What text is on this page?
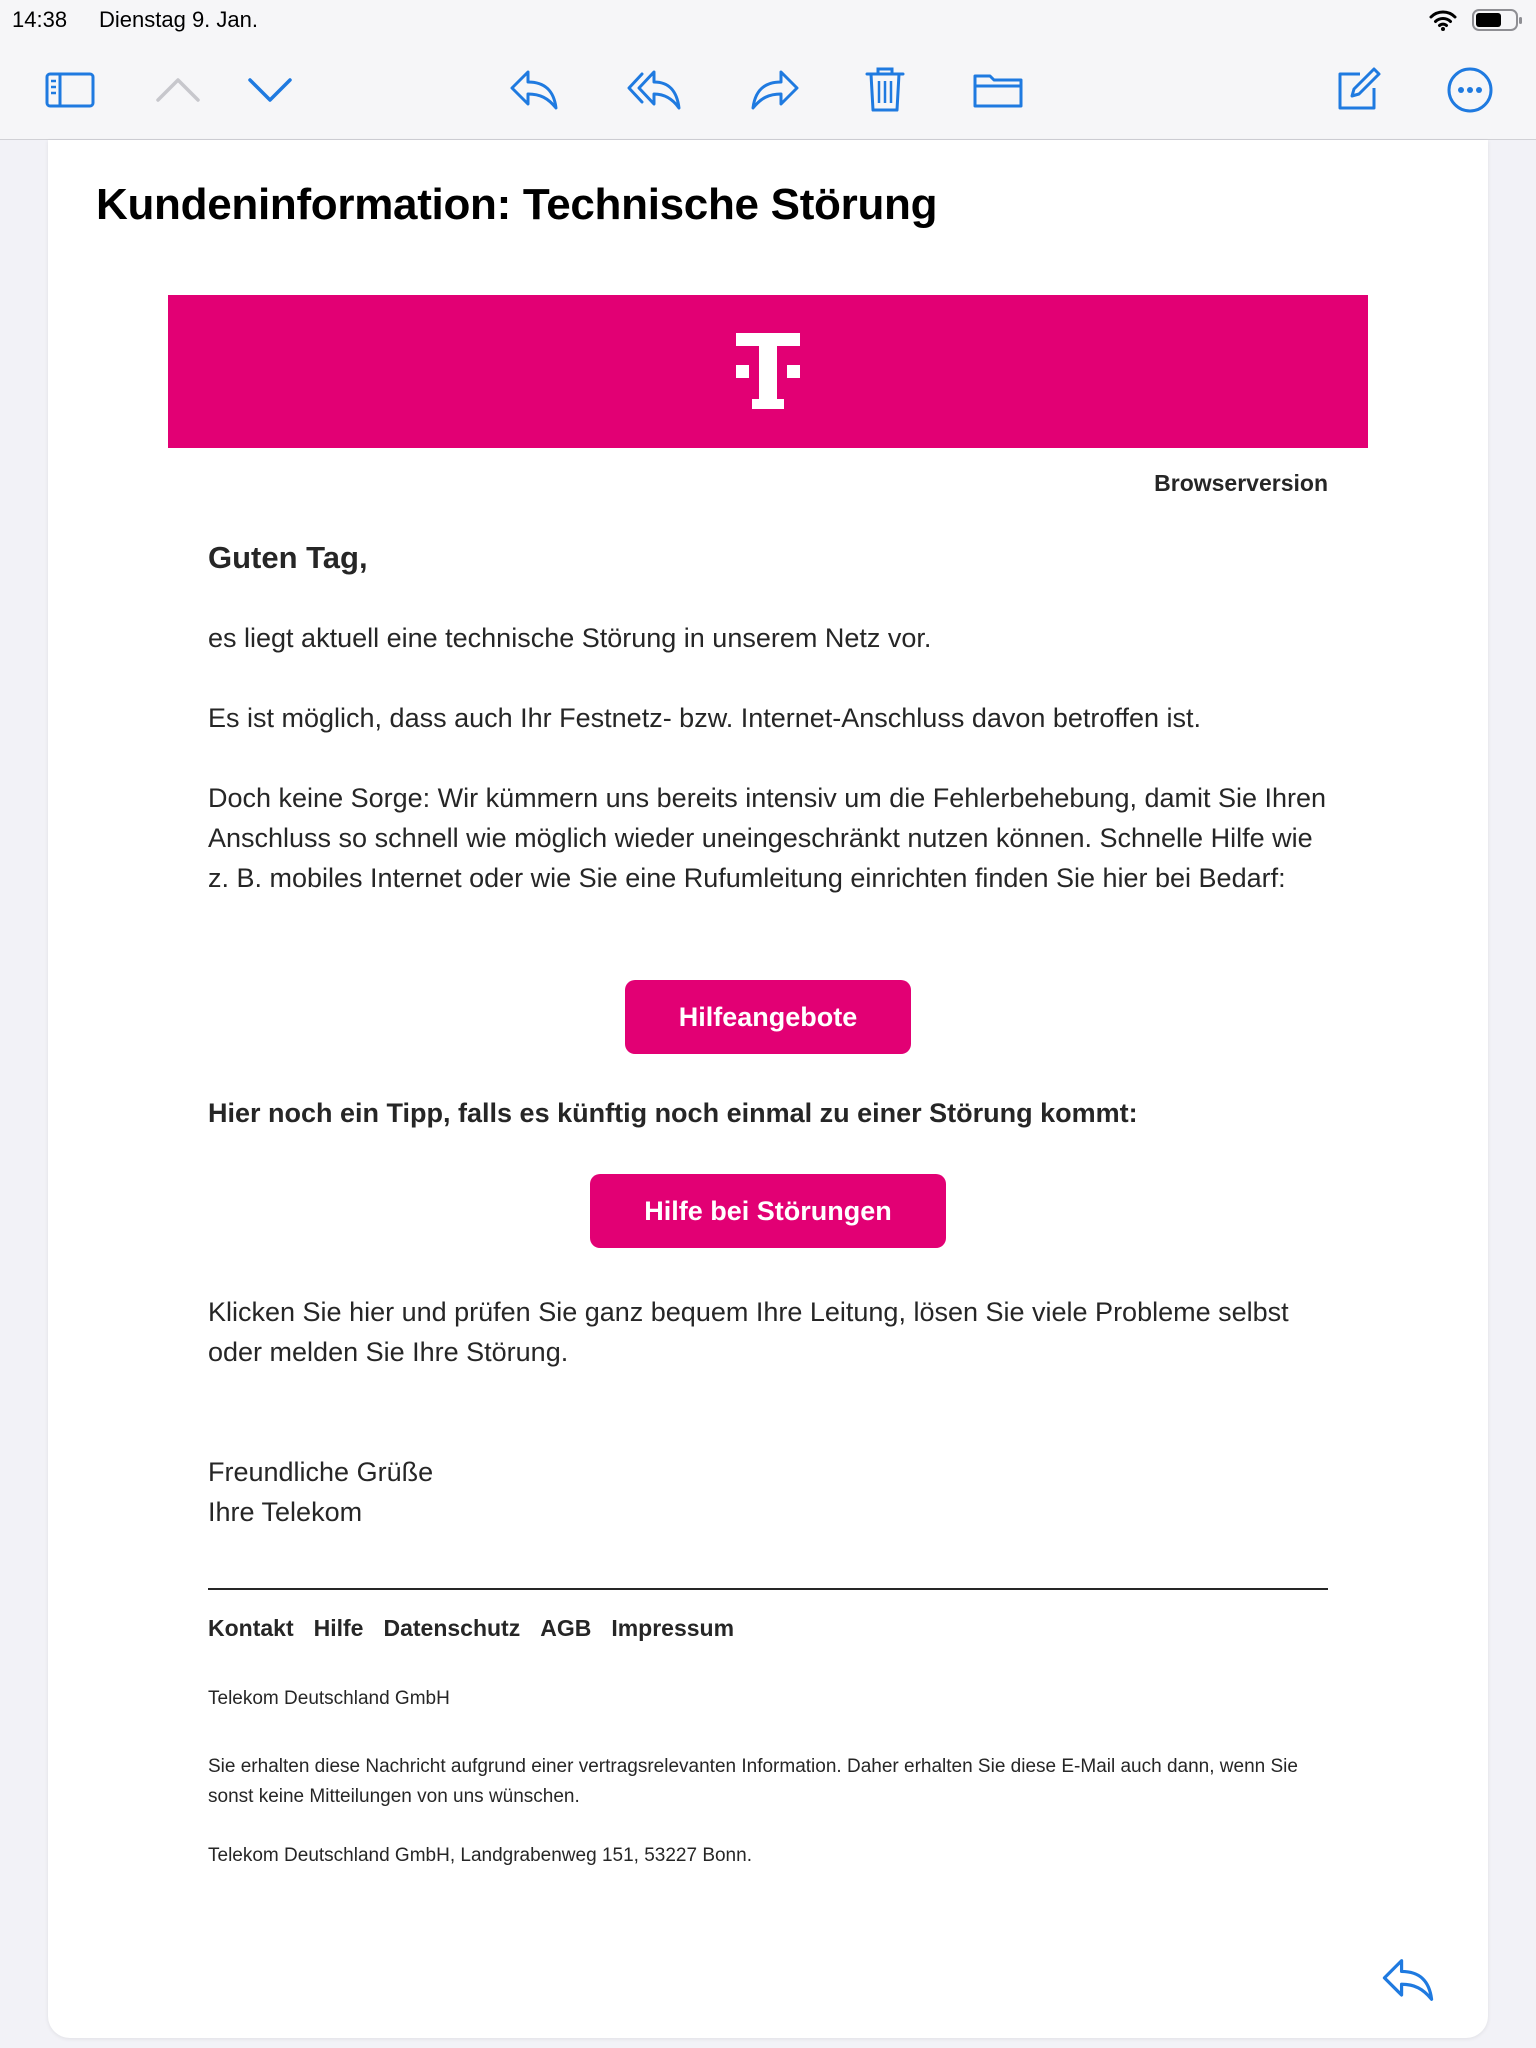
14:38 Dienstag 9. Jan.
Kundeninformation: Technische Störung
Browserversion
Guten Tag,
es liegt aktuell eine technische Störung in unserem Netz vor.
Es ist möglich, dass auch Ihr Festnetz- bzw. Internet-Anschluss davon betroffen ist.
Doch keine Sorge: Wir kümmern uns bereits intensiv um die Fehlerbehebung, damit Sie Ihren Anschluss so schnell wie möglich wieder uneingeschränkt nutzen können. Schnelle Hilfe wie z. B. mobiles Internet oder wie Sie eine Rufumleitung einrichten finden Sie hier bei Bedarf:
Hilfeangebote
Hier noch ein Tipp, falls es künftig noch einmal zu einer Störung kommt:
Hilfe bei Störungen
Klicken Sie hier und prüfen Sie ganz bequem Ihre Leitung, lösen Sie viele Probleme selbst oder melden Sie Ihre Störung.
Freundliche Grüße
Ihre Telekom
Kontakt Hilfe Datenschutz AGB Impressum
Telekom Deutschland GmbH
Sie erhalten diese Nachricht aufgrund einer vertragsrelevanten Information. Daher erhalten Sie diese E-Mail auch dann, wenn Sie sonst keine Mitteilungen von uns wünschen.
Telekom Deutschland GmbH, Landgrabenweg 151, 53227 Bonn.
